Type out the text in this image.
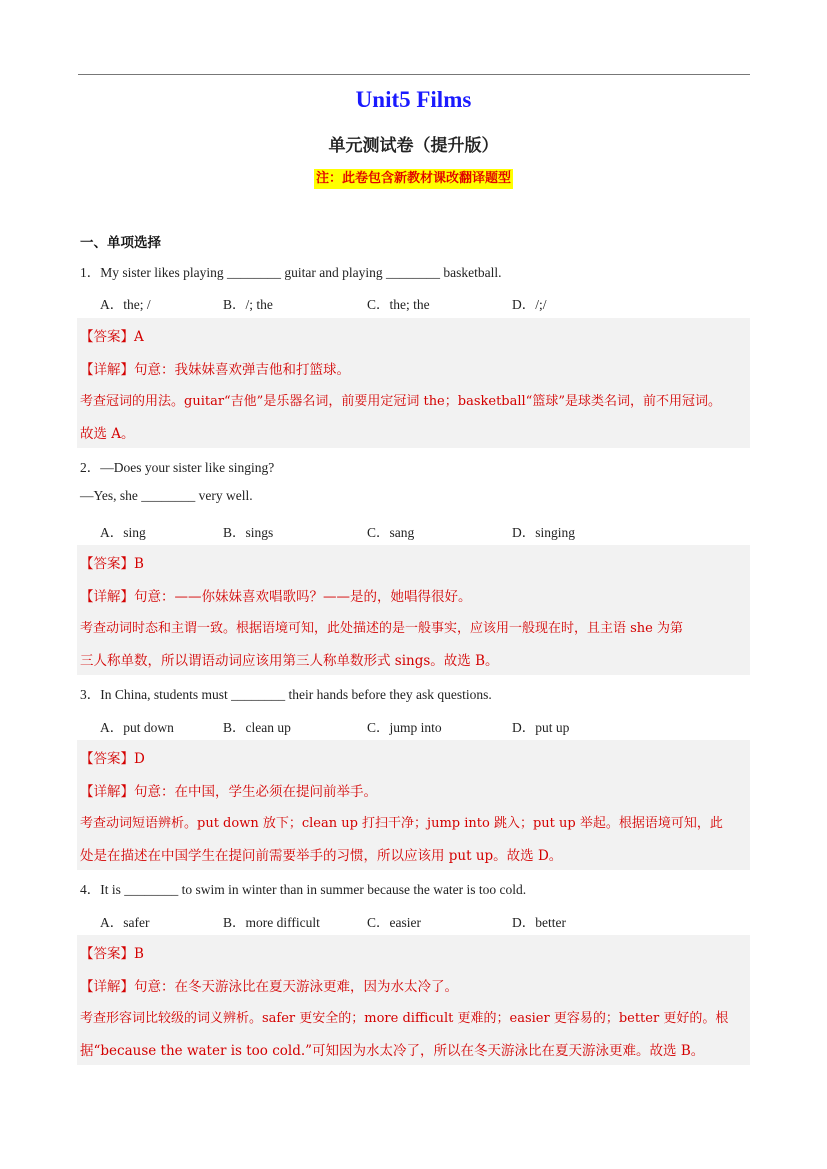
Unit5 Films
单元测试卷（提升版）
注：此卷包含新教材课改翻译题型
一、单项选择
1．My sister likes playing ________ guitar and playing ________ basketball.
A．the; /	B．/; the	C．the; the	D．/;/
【答案】A
【详解】句意：我妹妹喜欢弹吉他和打篮球。
考查冠词的用法。guitar“吉他”是乐器名词，前要用定冠词 the；basketball“篮球”是球类名词，前不用冠词。
故选 A。
2．—Does your sister like singing?
—Yes, she ________ very well.
A．sing	B．sings	C．sang	D．singing
【答案】B
【详解】句意：——你妹妹喜欢唱歌吗？——是的，她唱得很好。
考查动词时态和主谓一致。根据语境可知，此处描述的是一般事实，应该用一般现在时，且主语 she 为第
三人称单数，所以谓语动词应该用第三人称单数形式 sings。故选 B。
3．In China, students must ________ their hands before they ask questions.
A．put down	B．clean up	C．jump into	D．put up
【答案】D
【详解】句意：在中国，学生必须在提问前举手。
考查动词短语辨析。put down 放下；clean up 打扫干净；jump into 跳入；put up 举起。根据语境可知，此
处是在描述在中国学生在提问前需要举手的习惯，所以应该用 put up。故选 D。
4．It is ________ to swim in winter than in summer because the water is too cold.
A．safer	B．more difficult	C．easier	D．better
【答案】B
【详解】句意：在冬天游泳比在夏天游泳更难，因为水太冷了。
考查形容词比较级的词义辨析。safer 更安全的；more difficult 更难的；easier 更容易的；better 更好的。根
据“because the water is too cold.”可知因为水太冷了，所以在冬天游泳比在夏天游泳更难。故选 B。
